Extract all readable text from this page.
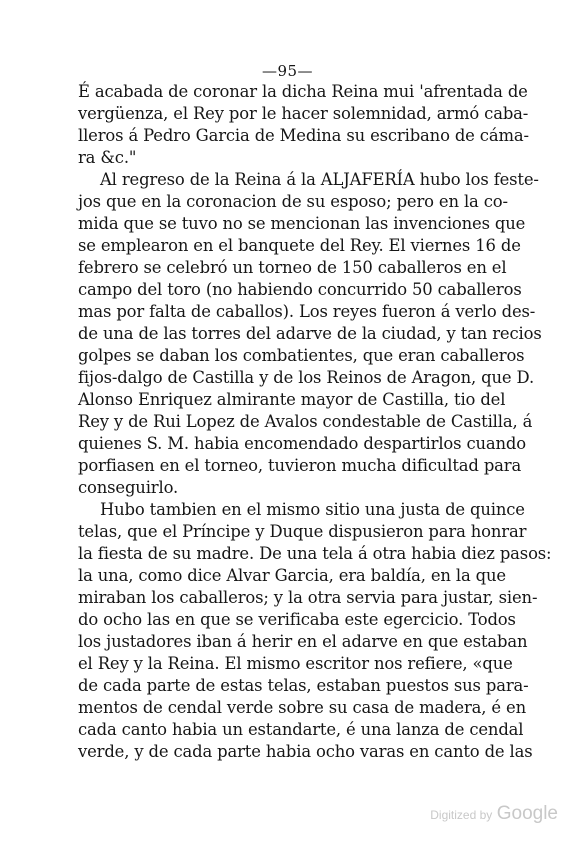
—95—
É acabada de coronar la dicha Reina mui 'afrentada de
vergüenza, el Rey por le hacer solemnidad, armó caba-
lleros á Pedro Garcia de Medina su escribano de cáma-
ra &c."
Al regreso de la Reina á la ALJAFERÍA hubo los feste-
jos que en la coronacion de su esposo; pero en la co-
mida que se tuvo no se mencionan las invenciones que
se emplearon en el banquete del Rey. El viernes 16 de
febrero se celebró un torneo de 150 caballeros en el
campo del toro (no habiendo concurrido 50 caballeros
mas por falta de caballos). Los reyes fueron á verlo des-
de una de las torres del adarve de la ciudad, y tan recios
golpes se daban los combatientes, que eran caballeros
fijos-dalgo de Castilla y de los Reinos de Aragon, que D.
Alonso Enriquez almirante mayor de Castilla, tio del
Rey y de Rui Lopez de Avalos condestable de Castilla, á
quienes S. M. habia encomendado despartirlos cuando
porfiasen en el torneo, tuvieron mucha dificultad para
conseguirlo.
Hubo tambien en el mismo sitio una justa de quince
telas, que el Príncipe y Duque dispusieron para honrar
la fiesta de su madre. De una tela á otra habia diez pasos:
la una, como dice Alvar Garcia, era baldía, en la que
miraban los caballeros; y la otra servia para justar, sien-
do ocho las en que se verificaba este egercicio. Todos
los justadores iban á herir en el adarve en que estaban
el Rey y la Reina. El mismo escritor nos refiere, «que
de cada parte de estas telas, estaban puestos sus para-
mentos de cendal verde sobre su casa de madera, é en
cada canto habia un estandarte, é una lanza de cendal
verde, y de cada parte habia ocho varas en canto de las
Digitized by Google
